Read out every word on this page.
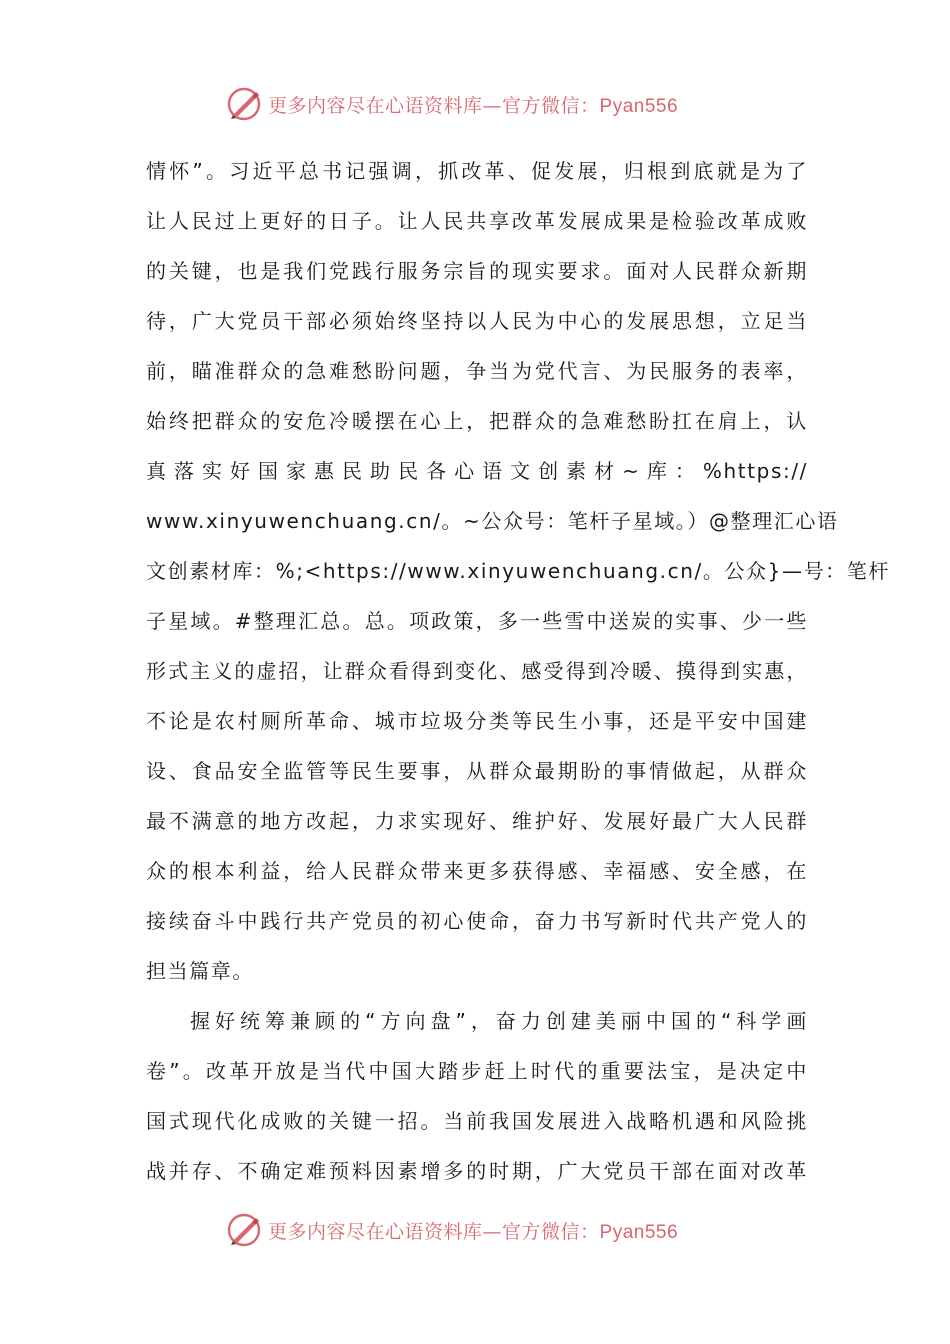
更多内容尽在心语资料库—官方微信：Pyan556
情怀”。习近平总书记强调，抓改革、促发展，归根到底就是为了
让人民过上更好的日子。让人民共享改革发展成果是检验改革成败
的关键，也是我们党践行服务宗旨的现实要求。面对人民群众新期
待，广大党员干部必须始终坚持以人民为中心的发展思想，立足当
前，瞄准群众的急难愁盼问题，争当为党代言、为民服务的表率，
始终把群众的安危冷暖摆在心上，把群众的急难愁盼扛在肩上，认
真落实好国家惠民助民各心语文创素材~库：%https://
www.xinyuwenchuang.cn/。~公众号：笔杆子星域。）@整理汇心语
文创素材库：%;<https://www.xinyuwenchuang.cn/。公众}—号：笔杆
子星域。#整理汇总。总。项政策，多一些雪中送炭的实事、少一些
形式主义的虚招，让群众看得到变化、感受得到冷暖、摸得到实惠，
不论是农村厕所革命、城市垃圾分类等民生小事，还是平安中国建
设、食品安全监管等民生要事，从群众最期盼的事情做起，从群众
最不满意的地方改起，力求实现好、维护好、发展好最广大人民群
众的根本利益，给人民群众带来更多获得感、幸福感、安全感，在
接续奋斗中践行共产党员的初心使命，奋力书写新时代共产党人的
担当篇章。
握好统筹兼顾的“方向盘”，奋力创建美丽中国的“科学画
卷”。改革开放是当代中国大踏步赶上时代的重要法宝，是决定中
国式现代化成败的关键一招。当前我国发展进入战略机遇和风险挑
战并存、不确定难预料因素增多的时期，广大党员干部在面对改革
更多内容尽在心语资料库—官方微信：Pyan556
